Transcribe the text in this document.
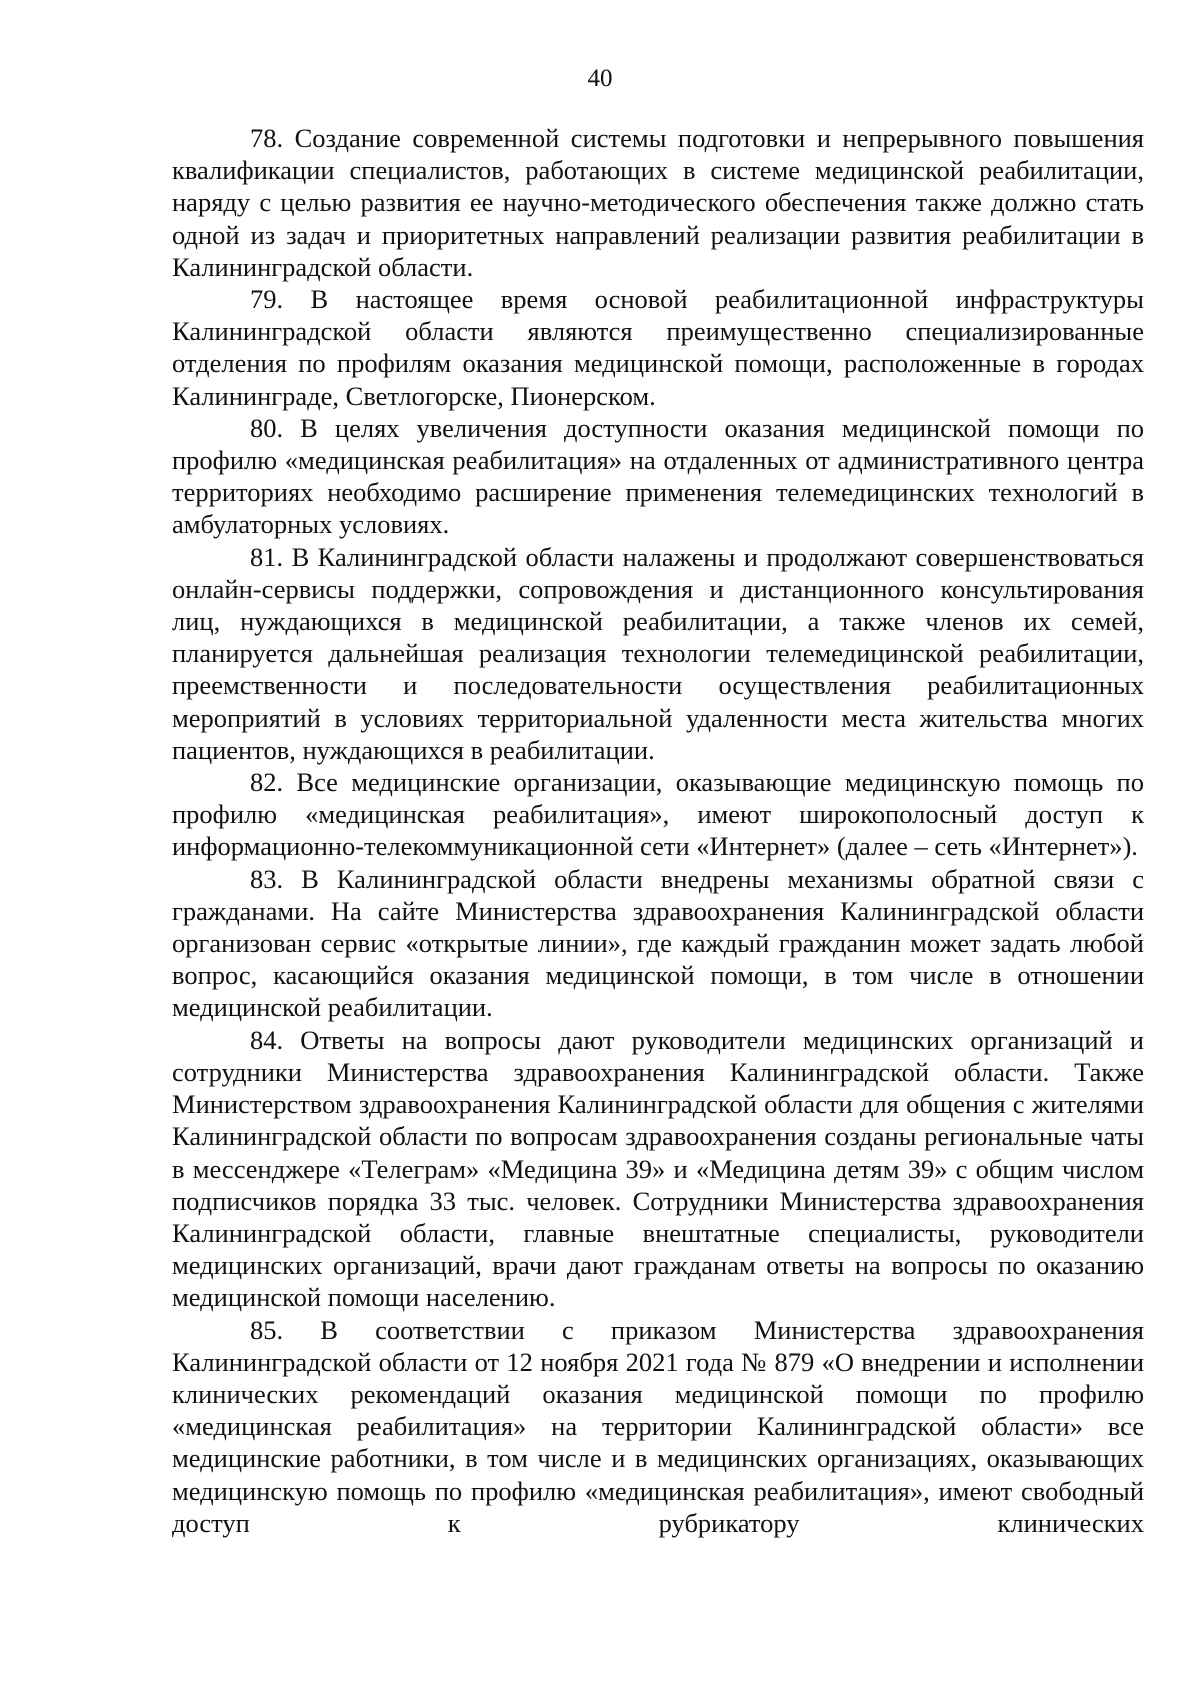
40

78. Создание современной системы подготовки и непрерывного повышения квалификации специалистов, работающих в системе медицинской реабилитации, наряду с целью развития ее научно-методического обеспечения также должно стать одной из задач и приоритетных направлений реализации развития реабилитации в Калининградской области.

79. В настоящее время основой реабилитационной инфраструктуры Калининградской области являются преимущественно специализированные отделения по профилям оказания медицинской помощи, расположенные в городах Калининграде, Светлогорске, Пионерском.

80. В целях увеличения доступности оказания медицинской помощи по профилю «медицинская реабилитация» на отдаленных от административного центра территориях необходимо расширение применения телемедицинских технологий в амбулаторных условиях.

81. В Калининградской области налажены и продолжают совершенствоваться онлайн-сервисы поддержки, сопровождения и дистанционного консультирования лиц, нуждающихся в медицинской реабилитации, а также членов их семей, планируется дальнейшая реализация технологии телемедицинской реабилитации, преемственности и последовательности осуществления реабилитационных мероприятий в условиях территориальной удаленности места жительства многих пациентов, нуждающихся в реабилитации.

82. Все медицинские организации, оказывающие медицинскую помощь по профилю «медицинская реабилитация», имеют широкополосный доступ к информационно-телекоммуникационной сети «Интернет» (далее – сеть «Интернет»).

83. В Калининградской области внедрены механизмы обратной связи с гражданами. На сайте Министерства здравоохранения Калининградской области организован сервис «открытые линии», где каждый гражданин может задать любой вопрос, касающийся оказания медицинской помощи, в том числе в отношении медицинской реабилитации.

84. Ответы на вопросы дают руководители медицинских организаций и сотрудники Министерства здравоохранения Калининградской области. Также Министерством здравоохранения Калининградской области для общения с жителями Калининградской области по вопросам здравоохранения созданы региональные чаты в мессенджере «Телеграм» «Медицина 39» и «Медицина детям 39» с общим числом подписчиков порядка 33 тыс. человек. Сотрудники Министерства здравоохранения Калининградской области, главные внештатные специалисты, руководители медицинских организаций, врачи дают гражданам ответы на вопросы по оказанию медицинской помощи населению.

85. В соответствии с приказом Министерства здравоохранения Калининградской области от 12 ноября 2021 года № 879 «О внедрении и исполнении клинических рекомендаций оказания медицинской помощи по профилю «медицинская реабилитация» на территории Калининградской области» все медицинские работники, в том числе и в медицинских организациях, оказывающих медицинскую помощь по профилю «медицинская реабилитация», имеют свободный доступ к рубрикатору клинических
